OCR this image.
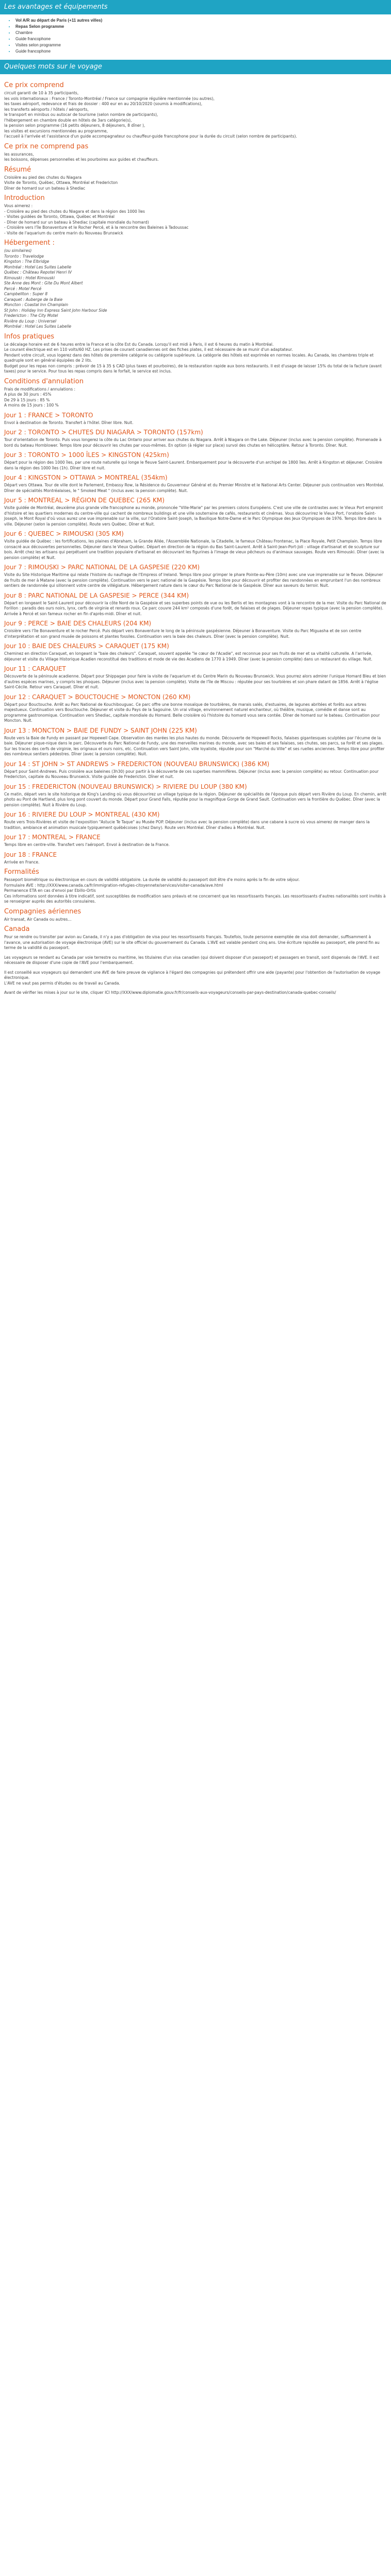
Les avantages et équipements
• Vol A/R au départ de Paris (+11 autres villes)
• Repas Selon programme
• Chambre
• Guide francophone
• Visites selon programme
• Guide francophone
Quelques mots sur le voyage
Ce prix comprend
circuit garanti de 10 à 35 participants,
les vols internationaux : France / Toronto-Montréal / France sur compagnie régulière mentionnée (ou autres),
les taxes aéroport, redevance et frais de dossier : 400 eur en au 20/10/2020 (soumis à modifications),
les transferts aéroports / hôtels / aéroports,
le transport en minibus ou autocar de tourisme (selon nombre de participants),
l'hébergement en chambre double en hôtels de 3ars catégorie(s),
la pension selon programme (16 petits déjeuners, 8 déjeuners, 8 dîner ),
les visites et excursions mentionnées au programme,
l'accueil à l'arrivée et l'assistance d'un guide accompagnateur ou chauffeur-guide francophone pour la durée du circuit (selon nombre de participants).
Ce prix ne comprend pas
les assurances,
les boissons, dépenses personnelles et les pourboires aux guides et chauffeurs.
Résumé
Croisière au pied des chutes du Niagara
Visite de Toronto, Québec, Ottawa, Montréal et Fredericton
Dîner de homard sur un bateau à Shediac
Introduction
Vous aimerez :
- Croisière au pied des chutes du Niagara et dans la région des 1000 îles
- Visites guidées de Toronto, Ottawa, Québec et Montréal
- Dîner de homard sur un bateau à Shediac (capitale mondiale du homard)
- Croisière vers l'île Bonaventure et le Rocher Percé, et à la rencontre des Baleines à Tadoussac
- Visite de l'aquarium du centre marin du Nouveau Brunswick
Hébergement :
(ou similaires)
Toronto : Travelodge
Kingston : The Elbridge
Montréal : Hotel Les Suites Labelle
Québec : Château Repotel Henri IV
Rimouski : Hotel Rimouski
Ste Anne des Mont : Gite Du Mont Albert
Percé : Motel Percé
Campbellton : Super 8
Caraquet : Auberge de la Baie
Moncton : Coastal Inn Champlain
St John : Holiday Inn Express Saint John Harbour Side
Fredericton : The City Motel
Rivière du Loup : Universel
Montréal : Hotel Les Suites Labelle
Infos pratiques

Le décalage horaire est de 6 heures entre la France et la côte Est du Canada. Lorsqu'il est midi à Paris, il est 6 heures du matin à Montréal.

Le courant électrique est en 110 volts/60 HZ. Les prises de courant canadiennes ont des fiches plates, il est nécessaire de se munir d'un adaptateur.

Pendant votre circuit, vous logerez dans des hôtels de première catégorie ou catégorie supérieure. La catégorie des hôtels est exprimée en normes locales. Au Canada, les chambres triple et quadruple sont en général équipées de 2 lits.

Budget pour les repas non compris : prévoir de 15 à 35 $ CAD (plus taxes et pourboires), de la restauration rapide aux bons restaurants. Il est d'usage de laisser 15% du total de la facture (avant taxes) pour le service. Pour tous les repas compris dans le forfait, le service est inclus.

Conditions d'annulation
Frais de modifications / annulations :
A plus de 30 jours : 45%
De 29 à 15 jours : 85 %
A moins de 15 jours : 100 %
Jour 1 : FRANCE > TORONTO

Envol à destination de Toronto. Transfert à l'hôtel. Dîner libre. Nuit.

Jour 2 : TORONTO > CHUTES DU NIAGARA > TORONTO (157km)

Tour d'orientation de Toronto. Puis vous longerez la côte du Lac Ontario pour arriver aux chutes du Niagara. Arrêt à Niagara on the Lake. Déjeuner (inclus avec la pension complète). Promenade à bord du bateau Hornblower. Temps libre pour découvrir les chutes par vous-mêmes. En option (à régler sur place) survol des chutes en hélicoptère. Retour à Toronto. Dîner. Nuit.

Jour 3 : TORONTO > 1000 ÎLES > KINGSTON (425km)

Départ pour la région des 1000 îles, par une route naturelle qui longe le fleuve Saint-Laurent. Embarquement pour la découverte d'un archipel de 1800 îles. Arrêt à Kingston et déjeuner. Croisière dans la région des 1000 îles (1h). Dîner libre et nuit.

Jour 4 : KINGSTON > OTTAWA > MONTREAL (354km)

Départ vers Ottawa. Tour de ville dont le Parlement, Embassy Row, la Résidence du Gouverneur Général et du Premier Ministre et le National Arts Center. Déjeuner puis continuation vers Montréal. Dîner de spécialités Montréalaises, le " Smoked Meat " (inclus avec la pension complète). Nuit.

Jour 5 : MONTREAL > RÉGION DE QUEBEC (265 KM)

Visite guidée de Montréal, deuxième plus grande ville francophone au monde, prononcée "Ville-Marie" par les premiers colons Européens. C'est une ville de contrastes avec le Vieux Port empreint d'histoire et les quartiers modernes du centre-ville qui cachent de nombreux buildings et une ville souterraine de cafés, restaurants et cinémas. Vous découvrirez le Vieux Port, l'oratoire Saint-Joseph, le Mont Royal d'où vous aurez une vue imprenable sur la ville, sur l'Oratoire Saint-Joseph, la Basilique Notre-Dame et le Parc Olympique des Jeux Olympiques de 1976. Temps libre dans la ville. Déjeuner (selon la pension complète). Route vers Québec. Dîner et Nuit.

Jour 6 : QUEBEC > RIMOUSKI (305 KM)

Visite guidée de Québec : les fortifications, les plaines d'Abraham, la Grande Allée, l'Assemblée Nationale, la Citadelle, le fameux Château Frontenac, la Place Royale, Petit Champlain. Temps libre consacré aux découvertes personnelles. Déjeuner dans le Vieux Québec. Départ en direction de la région du Bas Saint-Laurent. Arrêt à Saint-Jean-Port-Joli : village d'artisanat et de sculpture sur bois. Arrêt chez les artisans qui perpétuent une tradition populaire d'artisanat en découvrant les figurines à l'image de vieux pêcheurs ou d'animaux sauvages. Route vers Rimouski. Dîner (avec la pension complète) et Nuit.

Jour 7 : RIMOUSKI > PARC NATIONAL DE LA GASPESIE (220 KM)

Visite du Site Historique Maritime qui relate l'histoire du naufrage de l'Empress of Ireland. Temps libre pour grimper le phare Pointe-au-Père (10m) avec une vue imprenable sur le fleuve. Déjeuner de fruits de mer à Matane (avec la pension complète). Continuation vers le parc national de la Gaspésie. Temps libre pour découvrir et profiter des randonnées en empruntant l'un des nombreux sentiers de randonnée qui sillonnent votre centre de villégiature. Hébergement nature dans le cœur du Parc National de la Gaspésie. Dîner aux saveurs du terroir. Nuit.

Jour 8 : PARC NATIONAL DE LA GASPESIE > PERCE (344 KM)

Départ en longeant le Saint-Laurent pour découvrir la côte Nord de la Gaspésie et ses superbes points de vue ou les Berlis et les montagnes vont à la rencontre de la mer. Visite du Parc National de Forillon : paradis des ours noirs, lynx, cerfs de virginie et renards roux. Ce parc couvre 244 km² composés d'une forêt, de falaises et de plages. Déjeuner repas typique (avec la pension complète). Arrivée à Percé et son fameux rocher en fin d'après-midi. Dîner et nuit.

Jour 9 : PERCE > BAIE DES CHALEURS (204 KM)

Croisière vers l'île Bonaventure et le rocher Percé. Puis départ vers Bonaventure le long de la péninsule gaspésienne. Déjeuner à Bonaventure. Visite du Parc Miguasha et de son centre d'interprétation et son grand musée de poissons et plantes fossiles. Continuation vers la baie des chaleurs. Dîner (avec la pension complète). Nuit.

Jour 10 : BAIE DES CHALEURS > CARAQUET (175 KM)

Cheminez en direction Caraquet, en longeant la "baie des chaleurs". Caraquet, souvent appelée "le cœur de l'Acadie", est reconnue pour ses fruits de mer et sa vitalité culturelle. A l'arrivée, déjeuner et visite du Village Historique Acadien reconstitué des traditions et mode de vie des Acadiens de 1770 à 1949. Dîner (avec la pension complète) dans un restaurant du village. Nuit.

Jour 11 : CARAQUET

Découverte de la péninsule acadienne. Départ pour Shippagan pour faire la visite de l'aquarium et du Centre Marin du Nouveau Brunswick. Vous pourrez alors admirer l'unique Homard Bleu et bien d'autres espèces marines, y compris les phoques. Déjeuner (inclus avec la pension complète). Visite de l'île de Miscou : réputée pour ses tourbières et son phare datant de 1856. Arrêt à l'église Saint-Cécile. Retour vers Caraquet. Dîner et nuit.

Jour 12 : CARAQUET > BOUCTOUCHE > MONCTON (260 KM)

Départ pour Bouctouche. Arrêt au Parc National de Kouchibouguac. Ce parc offre une bonne mosaïque de tourbières, de marais salés, d'estuaires, de lagunes abritées et forêts aux arbres majestueux. Continuation vers Bouctouche. Déjeuner et visite du Pays de la Sagouine. Un vrai village, environnement naturel enchanteur, où théâtre, musique, comédie et danse sont au programme gastronomique. Continuation vers Shediac, capitale mondiale du Homard. Belle croisière où l'histoire du homard vous sera contée. Dîner de homard sur le bateau. Continuation pour Moncton. Nuit.

Jour 13 : MONCTON > BAIE DE FUNDY > SAINT JOHN (225 KM)

Route vers la Baie de Fundy en passant par Hopewell Cape. Observation des marées les plus hautes du monde. Découverte de Hopewell Rocks, falaises gigantesques sculptées par l'écume de la baie. Déjeuner pique-nique dans le parc. Découverte du Parc National de Fundy, une des merveilles marines du monde, avec ses baies et ses falaises, ses chutes, ses parcs, sa forêt et ses plages. Sur les traces des cerfs de virginie, les orignaux et ours noirs, etc. Continuation vers Saint John, ville loyaliste, réputée pour son "Marché du Ville" et ses ruelles anciennes. Temps libre pour profiter des nombreux sentiers pédestres. Dîner (avec la pension complète). Nuit.

Jour 14 : ST JOHN > ST ANDREWS > FREDERICTON (NOUVEAU BRUNSWICK) (386 KM)

Départ pour Saint-Andrews. Puis croisière aux baleines (3h30) pour partir à la découverte de ces superbes mammifères. Déjeuner (inclus avec la pension complète) au retour. Continuation pour Fredericton, capitale du Nouveau Brunswick. Visite guidée de Fredericton. Dîner et nuit.

Jour 15 : FREDERICTON (NOUVEAU BRUNSWICK) > RIVIERE DU LOUP (380 KM)

Ce matin, départ vers le site historique de King's Landing où vous découvrirez un village typique de la région. Déjeuner de spécialités de l'époque puis départ vers Rivière du Loup. En chemin, arrêt photo au Pont de Hartland, plus long pont couvert du monde. Départ pour Grand Falls, réputée pour la magnifique Gorge de Grand Sault. Continuation vers la frontière du Québec. Dîner (avec la pension complète). Nuit à Rivière du Loup.

Jour 16 : RIVIERE DU LOUP > MONTREAL (430 KM)

Route vers Trois-Rivières et visite de l'exposition "Astucie Te Taque" au Musée POP. Déjeuner (inclus avec la pension complète) dans une cabane à sucre où vous aimerez de manger dans la tradition, ambiance et animation musicale typiquement québécoises (chez Dany). Route vers Montréal. Dîner d'adieu à Montréal. Nuit.

Jour 17 : MONTREAL > FRANCE

Temps libre en centre-ville. Transfert vers l'aéroport. Envol à destination de la France.

Jour 18 : FRANCE

Arrivée en France.

Formalités

Passeport biométrique ou électronique en cours de validité obligatoire. La durée de validité du passeport doit être d'e moins après la fin de votre séjour.

Formulaire AVE : http://XXX/www.canada.ca/fr/immigration-refugies-citoyennete/services/visiter-canada/ave.html

Permanence ETA en cas d'envoi par Ebillo-Ortis

Ces informations sont données à titre indicatif, sont susceptibles de modification sans préavis et ne concernent que les ressortissants français. Les ressortissants d'autres nationalités sont invités à se renseigner auprès des autorités consulaires.

Compagnies aériennes

Air transat, Air Canada ou autres...

Canada

Pour se rendre ou transiter par avion au Canada, il n'y a pas d'obligation de visa pour les ressortissants français. Toutefois, toute personne exemptée de visa doit demander, suffisamment à l'avance, une autorisation de voyage électronique (AVE) sur le site officiel du gouvernement du Canada. L'AVE est valable pendant cinq ans. Une écriture rajoutée au passeport, elle prend fin au terme de la validité du passeport.

Les voyageurs se rendant au Canada par voie terrestre ou maritime, les titulaires d'un visa canadien (qui doivent disposer d'un passeport) et passagers en transit, sont dispensés de l'AVE. Il est nécessaire de disposer d'une copie de l'AVE pour l'embarquement.

Il est conseillé aux voyageurs qui demandent une AVE de faire preuve de vigilance à l'égard des compagnies qui prétendent offrir une aide (payante) pour l'obtention de l'autorisation de voyage électronique.

L'AVE ne vaut pas permis d'études ou de travail au Canada.

Avant de vérifier les mises à jour sur le site, cliquer ICI http://XXX/www.diplomatie.gouv.fr/fr/conseils-aux-voyageurs/conseils-par-pays-destination/canada-quebec-conseils/
